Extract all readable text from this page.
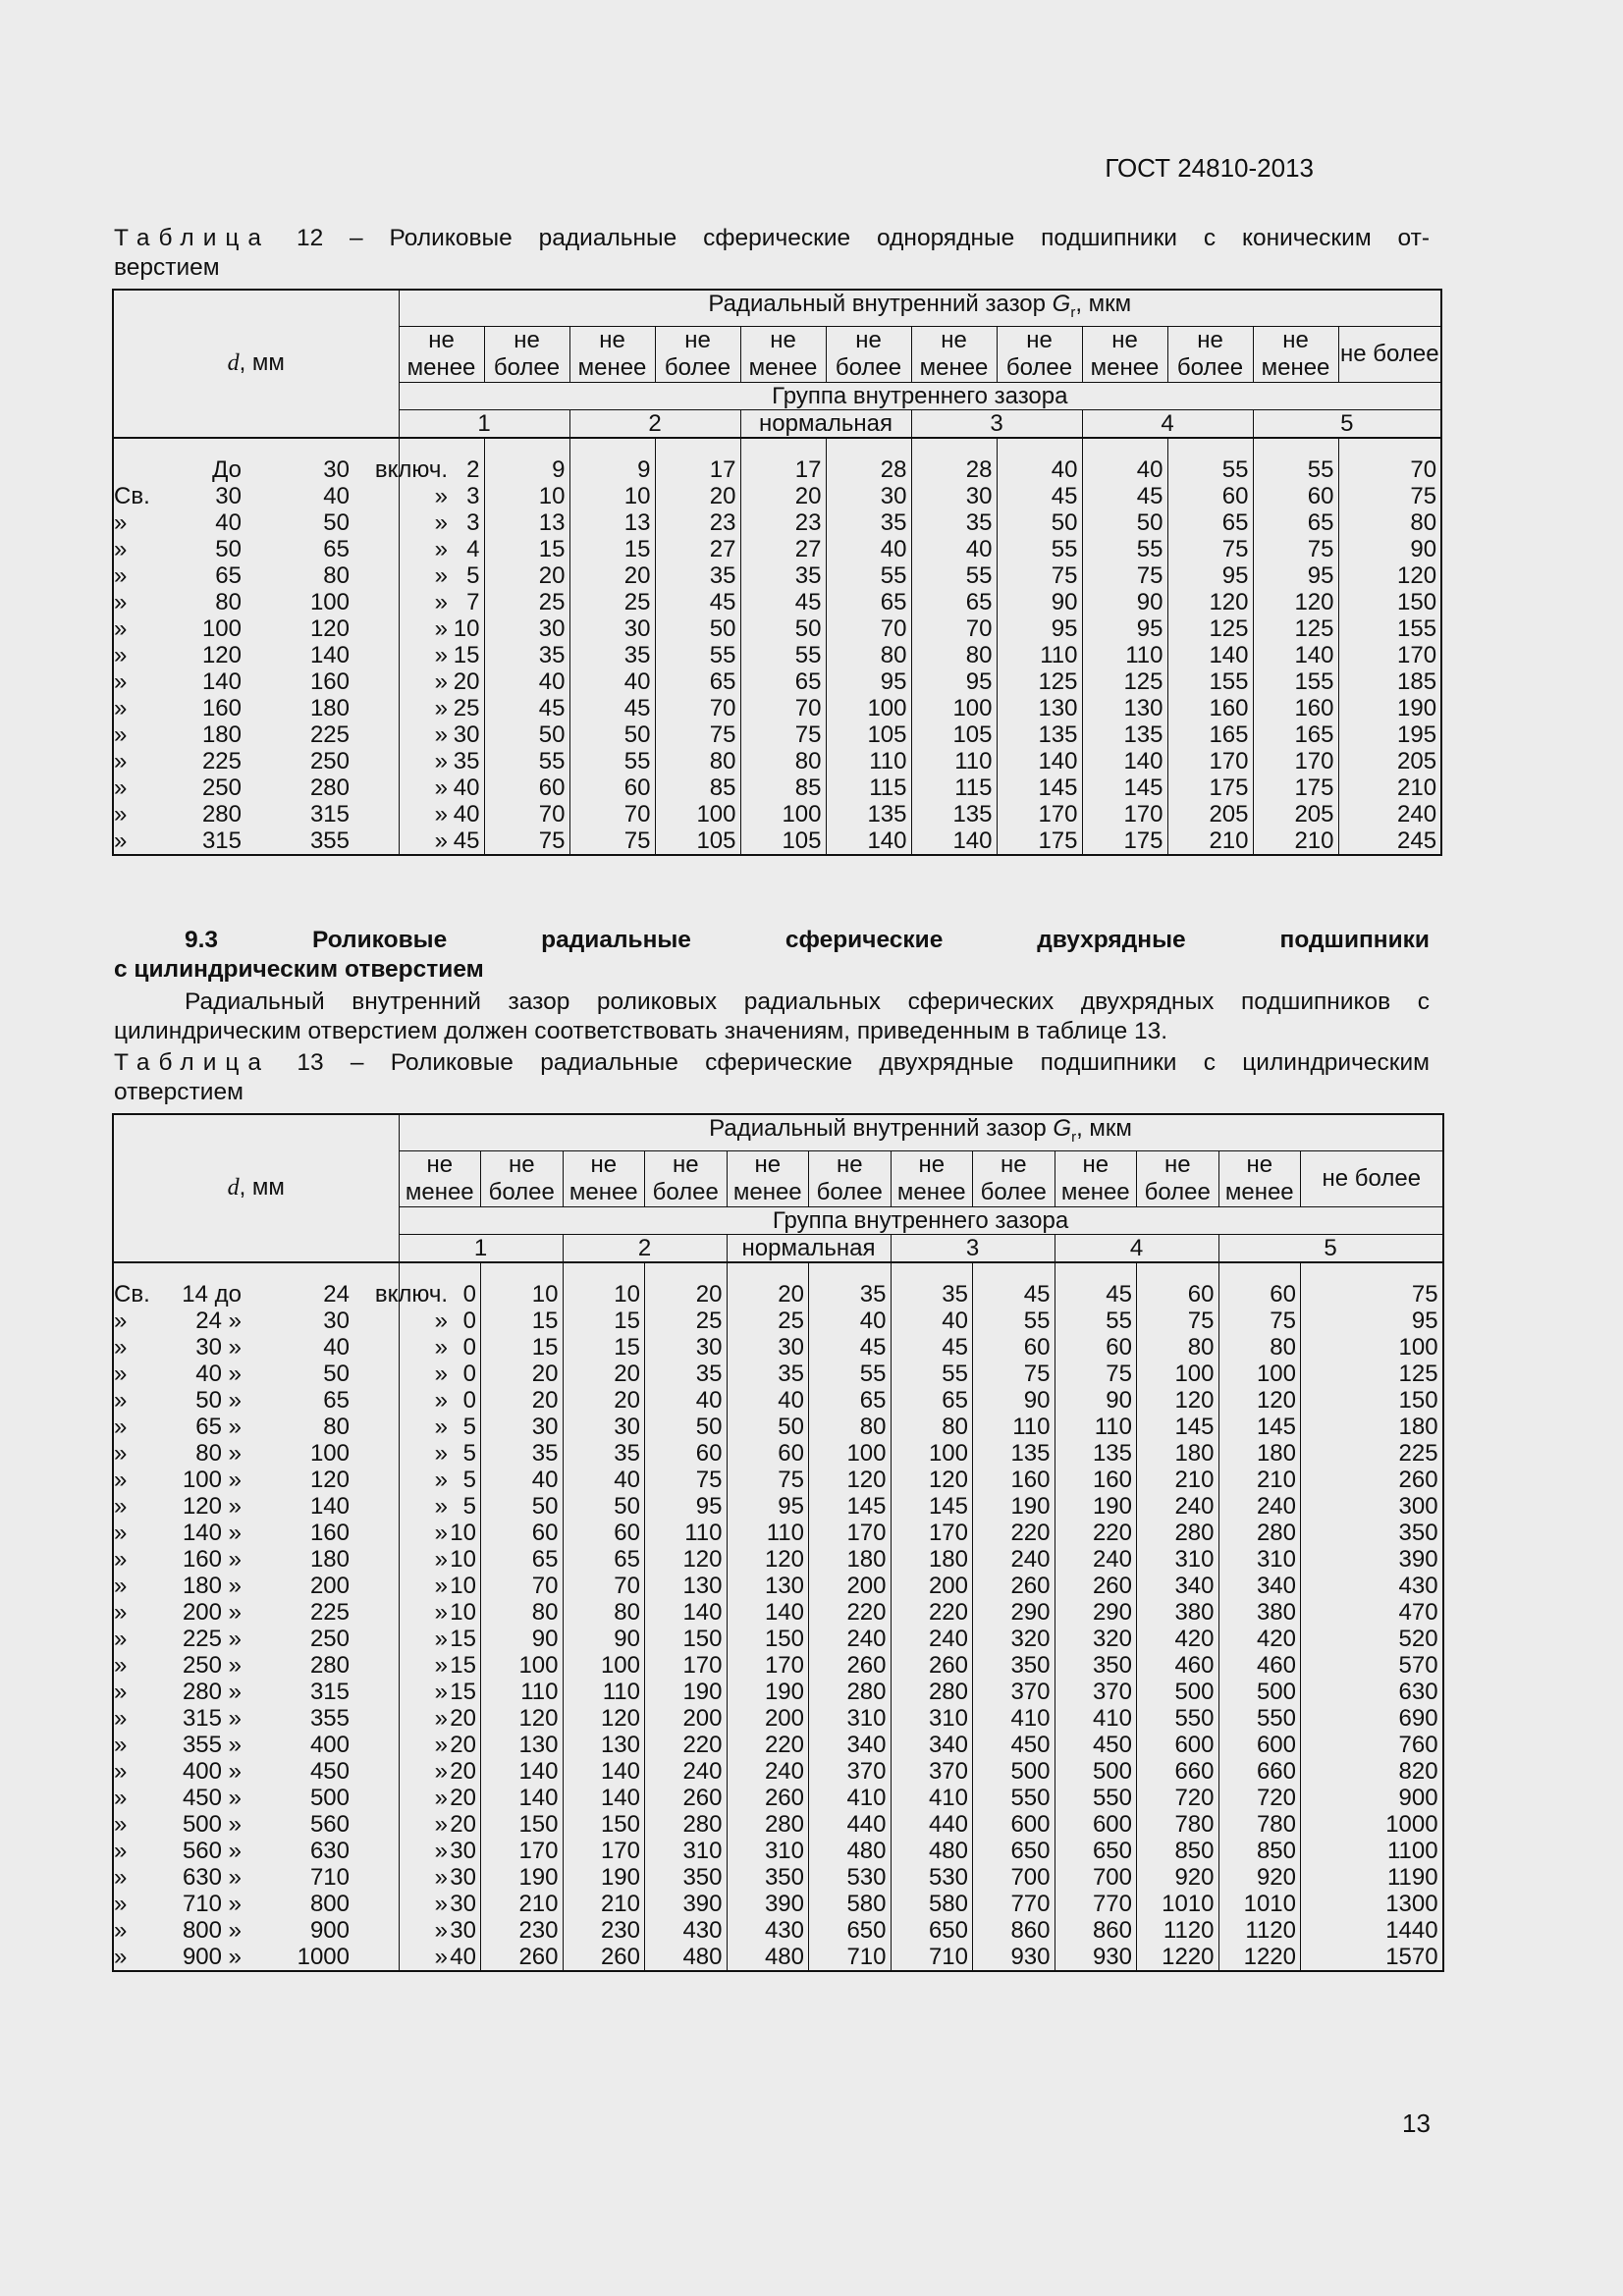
ГОСТ 24810-2013
Таблица 12 – Роликовые радиальные сферические однорядные подшипники с коническим от-
верстием
d, мм	Радиальный внутренний зазор $G_r$, мкм											
	не менее	не более	не менее	не более	не менее	не более	не менее	не более	не менее	не более	не менее	не более
	Группа внутреннего зазора											
	1		2		нормальная		3		4		5	

До 30 включ.	2	9	9	17	17	28	28	40	40	55	55	70
Св. 30 40 »	3	10	10	20	20	30	30	45	45	60	60	75
» 40 50 »	3	13	13	23	23	35	35	50	50	65	65	80
» 50 65 »	4	15	15	27	27	40	40	55	55	75	75	90
» 65 80 »	5	20	20	35	35	55	55	75	75	95	95	120
» 80 100 »	7	25	25	45	45	65	65	90	90	120	120	150
» 100 120 »	10	30	30	50	50	70	70	95	95	125	125	155
» 120 140 »	15	35	35	55	55	80	80	110	110	140	140	170
» 140 160 »	20	40	40	65	65	95	95	125	125	155	155	185
» 160 180 »	25	45	45	70	70	100	100	130	130	160	160	190
» 180 225 »	30	50	50	75	75	105	105	135	135	165	165	195
» 225 250 »	35	55	55	80	80	110	110	140	140	170	170	205
» 250 280 »	40	60	60	85	85	115	115	145	145	175	175	210
» 280 315 »	40	70	70	100	100	135	135	170	170	205	205	240
» 315 355 »	45	75	75	105	105	140	140	175	175	210	210	245
9.3	Роликовые	радиальные	сферические	двухрядные	подшипники
с цилиндрическим отверстием
Радиальный внутренний зазор роликовых радиальных сферических двухрядных подшипников с
цилиндрическим отверстием должен соответствовать значениям, приведенным в таблице 13.
Таблица 13 – Роликовые радиальные сферические двухрядные подшипники с цилиндрическим
отверстием
d, мм	Радиальный внутренний зазор $G_r$, мкм											
	не менее	не более	не менее	не более	не менее	не более	не менее	не более	не менее	не более	не менее	не более
	Группа внутреннего зазора											
	1		2		нормальная		3		4		5	

Св. 14 до 24 включ.	0	10	10	20	20	35	35	45	45	60	60	75
» 24 » 30 »	0	15	15	25	25	40	40	55	55	75	75	95
» 30 » 40 »	0	15	15	30	30	45	45	60	60	80	80	100
» 40 » 50 »	0	20	20	35	35	55	55	75	75	100	100	125
» 50 » 65 »	0	20	20	40	40	65	65	90	90	120	120	150
» 65 » 80 »	5	30	30	50	50	80	80	110	110	145	145	180
» 80 » 100 »	5	35	35	60	60	100	100	135	135	180	180	225
» 100 » 120 »	5	40	40	75	75	120	120	160	160	210	210	260
» 120 » 140 »	5	50	50	95	95	145	145	190	190	240	240	300
» 140 » 160 »	10	60	60	110	110	170	170	220	220	280	280	350
» 160 » 180 »	10	65	65	120	120	180	180	240	240	310	310	390
» 180 » 200 »	10	70	70	130	130	200	200	260	260	340	340	430
» 200 » 225 »	10	80	80	140	140	220	220	290	290	380	380	470
» 225 » 250 »	15	90	90	150	150	240	240	320	320	420	420	520
» 250 » 280 »	15	100	100	170	170	260	260	350	350	460	460	570
» 280 » 315 »	15	110	110	190	190	280	280	370	370	500	500	630
» 315 » 355 »	20	120	120	200	200	310	310	410	410	550	550	690
» 355 » 400 »	20	130	130	220	220	340	340	450	450	600	600	760
» 400 » 450 »	20	140	140	240	240	370	370	500	500	660	660	820
» 450 » 500 »	20	140	140	260	260	410	410	550	550	720	720	900
» 500 » 560 »	20	150	150	280	280	440	440	600	600	780	780	1000
» 560 » 630 »	30	170	170	310	310	480	480	650	650	850	850	1100
» 630 » 710 »	30	190	190	350	350	530	530	700	700	920	920	1190
» 710 » 800 »	30	210	210	390	390	580	580	770	770	1010	1010	1300
» 800 » 900 »	30	230	230	430	430	650	650	860	860	1120	1120	1440
» 900 » 1000 »	40	260	260	480	480	710	710	930	930	1220	1220	1570
13
